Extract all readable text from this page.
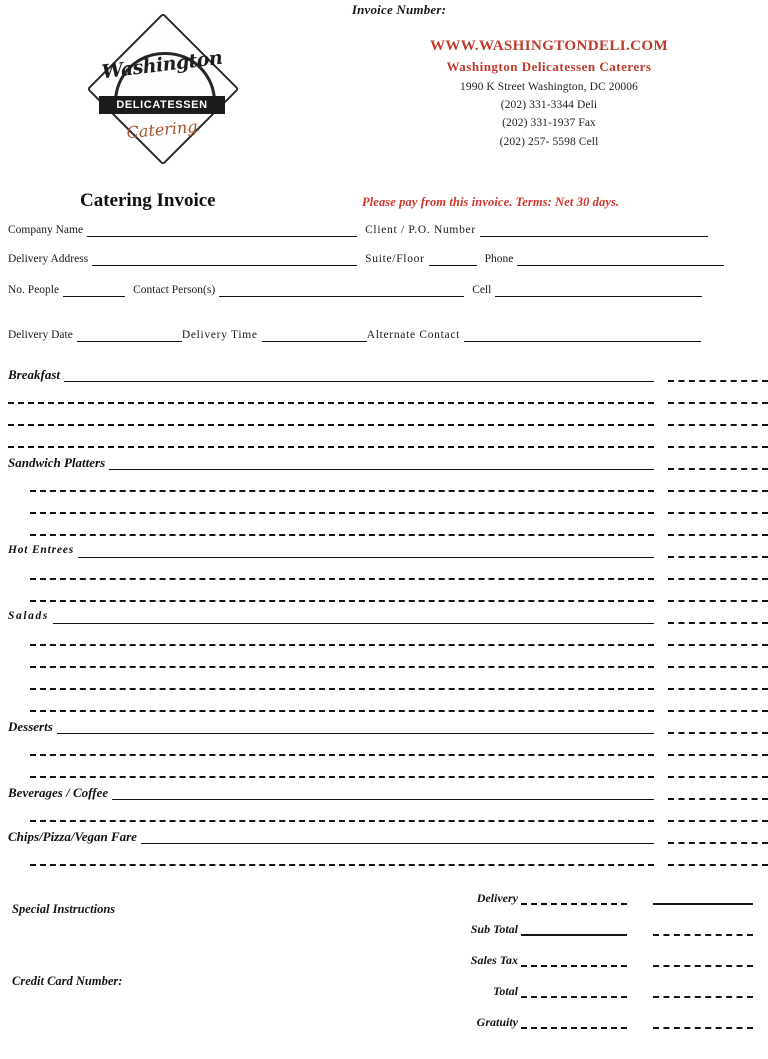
Invoice Number:
Washington
DELICATESSEN
Catering
WWW.WASHINGTONDELI.COM
Washington Delicatessen Caterers
1990 K Street Washington, DC 20006
(202) 331-3344 Deli
(202) 331-1937 Fax
(202) 257- 5598 Cell
Catering Invoice	Please pay from this invoice. Terms: Net 30 days.
Company Name	Client / P.O. Number
Delivery Address	Suite/Floor	Phone
No. People	Contact Person(s)	Cell
Delivery Date	Delivery Time	Alternate Contact
Breakfast
Sandwich Platters
Hot Entrees
Salads
Desserts
Beverages / Coffee
Chips/Pizza/Vegan Fare
Special Instructions
Credit Card Number:
Delivery
Sub Total
Sales Tax
Total
Gratuity
